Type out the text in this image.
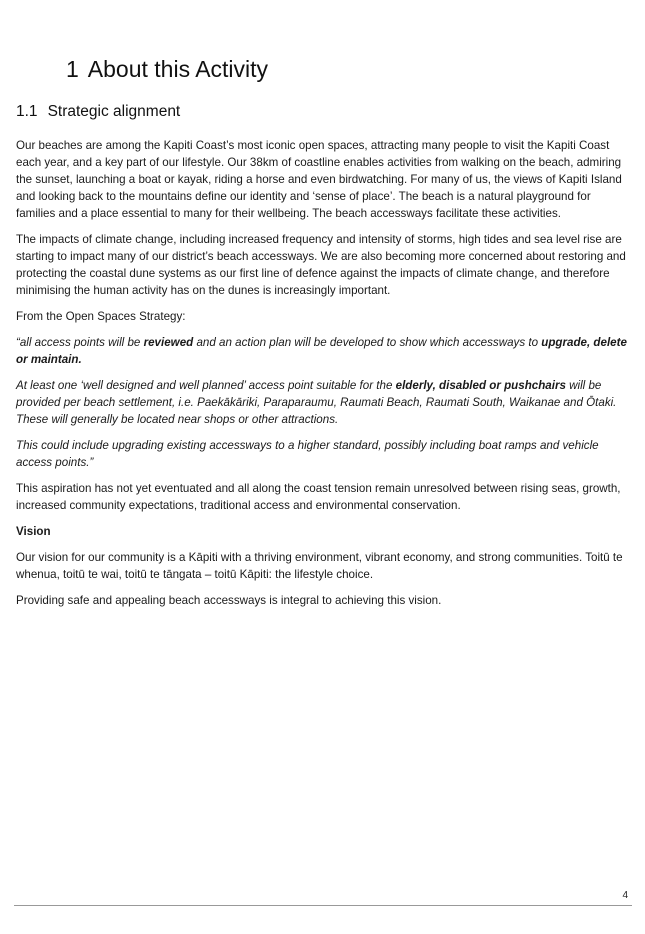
1 About this Activity
1.1 Strategic alignment

Our beaches are among the Kapiti Coast’s most iconic open spaces, attracting many people to visit the Kapiti Coast each year, and a key part of our lifestyle. Our 38km of coastline enables activities from walking on the beach, admiring the sunset, launching a boat or kayak, riding a horse and even birdwatching. For many of us, the views of Kapiti Island and looking back to the mountains define our identity and ‘sense of place’. The beach is a natural playground for families and a place essential to many for their wellbeing. The beach accessways facilitate these activities.

The impacts of climate change, including increased frequency and intensity of storms, high tides and sea level rise are starting to impact many of our district’s beach accessways. We are also becoming more concerned about restoring and protecting the coastal dune systems as our first line of defence against the impacts of climate change, and therefore minimising the human activity has on the dunes is increasingly important.

From the Open Spaces Strategy:

“all access points will be reviewed and an action plan will be developed to show which accessways to upgrade, delete or maintain.

At least one ‘well designed and well planned’ access point suitable for the elderly, disabled or pushchairs will be provided per beach settlement, i.e. Paekākāriki, Paraparaumu, Raumati Beach, Raumati South, Waikanae and Ōtaki. These will generally be located near shops or other attractions.

This could include upgrading existing accessways to a higher standard, possibly including boat ramps and vehicle access points.”

This aspiration has not yet eventuated and all along the coast tension remain unresolved between rising seas, growth, increased community expectations, traditional access and environmental conservation.

Vision

Our vision for our community is a Kāpiti with a thriving environment, vibrant economy, and strong communities. Toitū te whenua, toitū te wai, toitū te tāngata – toitū Kāpiti: the lifestyle choice.

Providing safe and appealing beach accessways is integral to achieving this vision.

4
